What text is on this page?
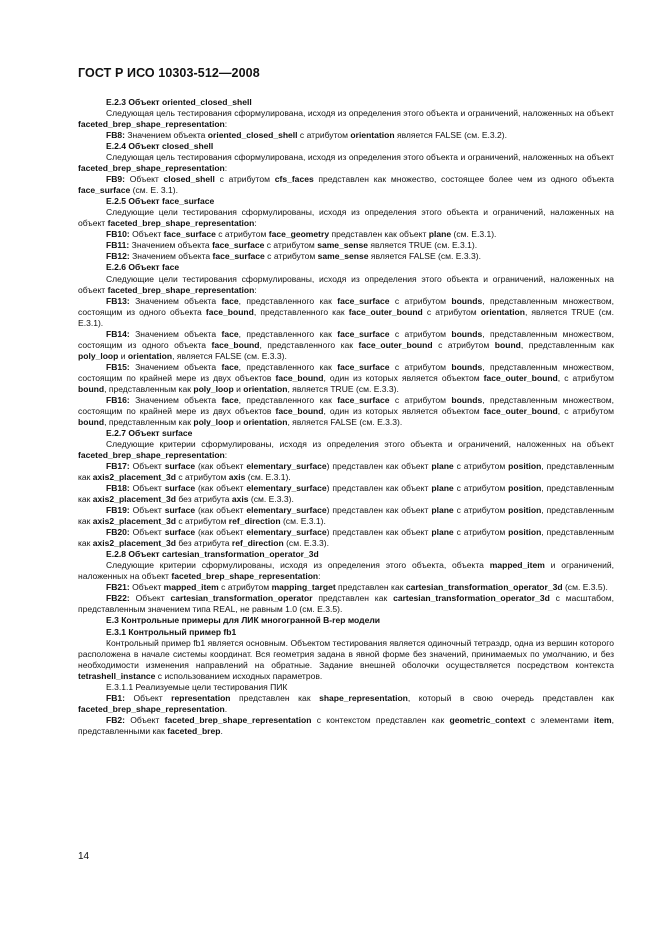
ГОСТ Р ИСО 10303-512—2008

E.2.3 Объект oriented_closed_shell

Следующая цель тестирования сформулирована, исходя из определения этого объекта и ограничений, наложенных на объект faceted_brep_shape_representation:

FB8: Значением объекта oriented_closed_shell с атрибутом orientation является FALSE (см. E.3.2).

E.2.4 Объект closed_shell

Следующая цель тестирования сформулирована, исходя из определения этого объекта и ограничений, наложенных на объект faceted_brep_shape_representation:

FB9: Объект closed_shell с атрибутом cfs_faces представлен как множество, состоящее более чем из одного объекта face_surface (см. E. 3.1).

E.2.5 Объект face_surface

Следующие цели тестирования сформулированы, исходя из определения этого объекта и ограничений, наложенных на объект faceted_brep_shape_representation:

FB10: Объект face_surface с атрибутом face_geometry представлен как объект plane (см. E.3.1).

FB11: Значением объекта face_surface с атрибутом same_sense является TRUE (см. E.3.1).

FB12: Значением объекта face_surface с атрибутом same_sense является FALSE (см. E.3.3).

E.2.6 Объект face

Следующие цели тестирования сформулированы, исходя из определения этого объекта и ограничений, наложенных на объект faceted_brep_shape_representation:

FB13: Значением объекта face, представленного как face_surface с атрибутом bounds, представленным множеством, состоящим из одного объекта face_bound, представленного как face_outer_bound с атрибутом orientation, является TRUE (см. E.3.1).

FB14: Значением объекта face, представленного как face_surface с атрибутом bounds, представленным множеством, состоящим из одного объекта face_bound, представленного как face_outer_bound с атрибутом bound, представленным как poly_loop и orientation, является FALSE (см. E.3.3).

FB15: Значением объекта face, представленного как face_surface с атрибутом bounds, представленным множеством, состоящим по крайней мере из двух объектов face_bound, один из которых является объектом face_outer_bound, с атрибутом bound, представленным как poly_loop и orientation, является TRUE (см. E.3.3).

FB16: Значением объекта face, представленного как face_surface с атрибутом bounds, представленным множеством, состоящим по крайней мере из двух объектов face_bound, один из которых является объектом face_outer_bound, с атрибутом bound, представленным как poly_loop и orientation, является FALSE (см. E.3.3).

E.2.7 Объект surface

Следующие критерии сформулированы, исходя из определения этого объекта и ограничений, наложенных на объект faceted_brep_shape_representation:

FB17: Объект surface (как объект elementary_surface) представлен как объект plane с атрибутом position, представленным как axis2_placement_3d с атрибутом axis (см. E.3.1).

FB18: Объект surface (как объект elementary_surface) представлен как объект plane с атрибутом position, представленным как axis2_placement_3d без атрибута axis (см. E.3.3).

FB19: Объект surface (как объект elementary_surface) представлен как объект plane с атрибутом position, представленным как axis2_placement_3d с атрибутом ref_direction (см. E.3.1).

FB20: Объект surface (как объект elementary_surface) представлен как объект plane с атрибутом position, представленным как axis2_placement_3d без атрибута ref_direction (см. E.3.3).

E.2.8 Объект cartesian_transformation_operator_3d

Следующие критерии сформулированы, исходя из определения этого объекта, объекта mapped_item и ограничений, наложенных на объект faceted_brep_shape_representation:

FB21: Объект mapped_item с атрибутом mapping_target представлен как cartesian_transformation_operator_3d (см. E.3.5).

FB22: Объект cartesian_transformation_operator представлен как cartesian_transformation_operator_3d с масштабом, представленным значением типа REAL, не равным 1.0 (см. E.3.5).

E.3 Контрольные примеры для ЛИК многогранной B-rep модели

E.3.1 Контрольный пример fb1

Контрольный пример fb1 является основным. Объектом тестирования является одиночный тетраэдр, одна из вершин которого расположена в начале системы координат. Вся геометрия задана в явной форме без значений, принимаемых по умолчанию, и без необходимости изменения направлений на обратные. Задание внешней оболочки осуществляется посредством контекста tetrashell_instance с использованием исходных параметров.

E.3.1.1 Реализуемые цели тестирования ПИК

FB1: Объект representation представлен как shape_representation, который в свою очередь представлен как faceted_brep_shape_representation.

FB2: Объект faceted_brep_shape_representation с контекстом представлен как geometric_context с элементами item, представленными как faceted_brep.

14
